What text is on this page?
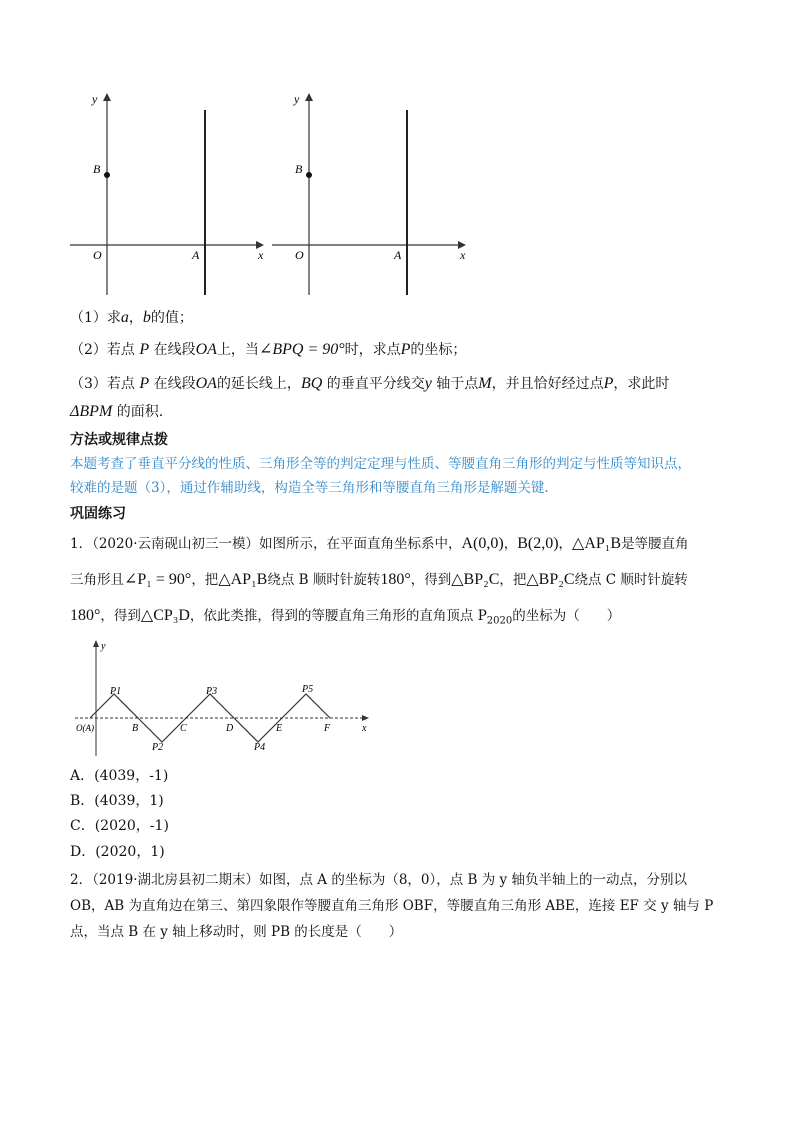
y
x
B
O	A
y
x
B
O	A
（1）求a，b的值；
（2）若点 P 在线段OA上，当∠BPQ = 90°时，求点P的坐标；
（3）若点 P 在线段OA的延长线上，BQ 的垂直平分线交y 轴于点M，并且恰好经过点P，求此时
ΔBPM 的面积.
方法或规律点拨
本题考查了垂直平分线的性质、三角形全等的判定定理与性质、等腰直角三角形的判定与性质等知识点，
较难的是题（3），通过作辅助线，构造全等三角形和等腰直角三角形是解题关键.
巩固练习
1．（2020·云南砚山初三一模）如图所示，在平面直角坐标系中，A(0,0)，B(2,0)，△AP₁B是等腰直角
三角形且∠P₁ = 90°，把△AP₁B绕点 B 顺时针旋转180°，得到△BP₂C，把△BP₂C绕点 C 顺时针旋转
180°，得到△CP₃D，依此类推，得到的等腰直角三角形的直角顶点 $P_{2020}$的坐标为（　　）
y
x
O(A)	B	C	D	E	F
P1
P2
P3
P4
P5
A．(4039，-1)
B．(4039，1)
C．(2020，-1)
D．(2020，1)
2．（2019·湖北房县初二期末）如图，点 A 的坐标为（8，0），点 B 为 y 轴负半轴上的一动点，分别以
OB，AB 为直角边在第三、第四象限作等腰直角三角形 OBF，等腰直角三角形 ABE，连接 EF 交 y 轴与 P
点，当点 B 在 y 轴上移动时，则 PB 的长度是（　　）
